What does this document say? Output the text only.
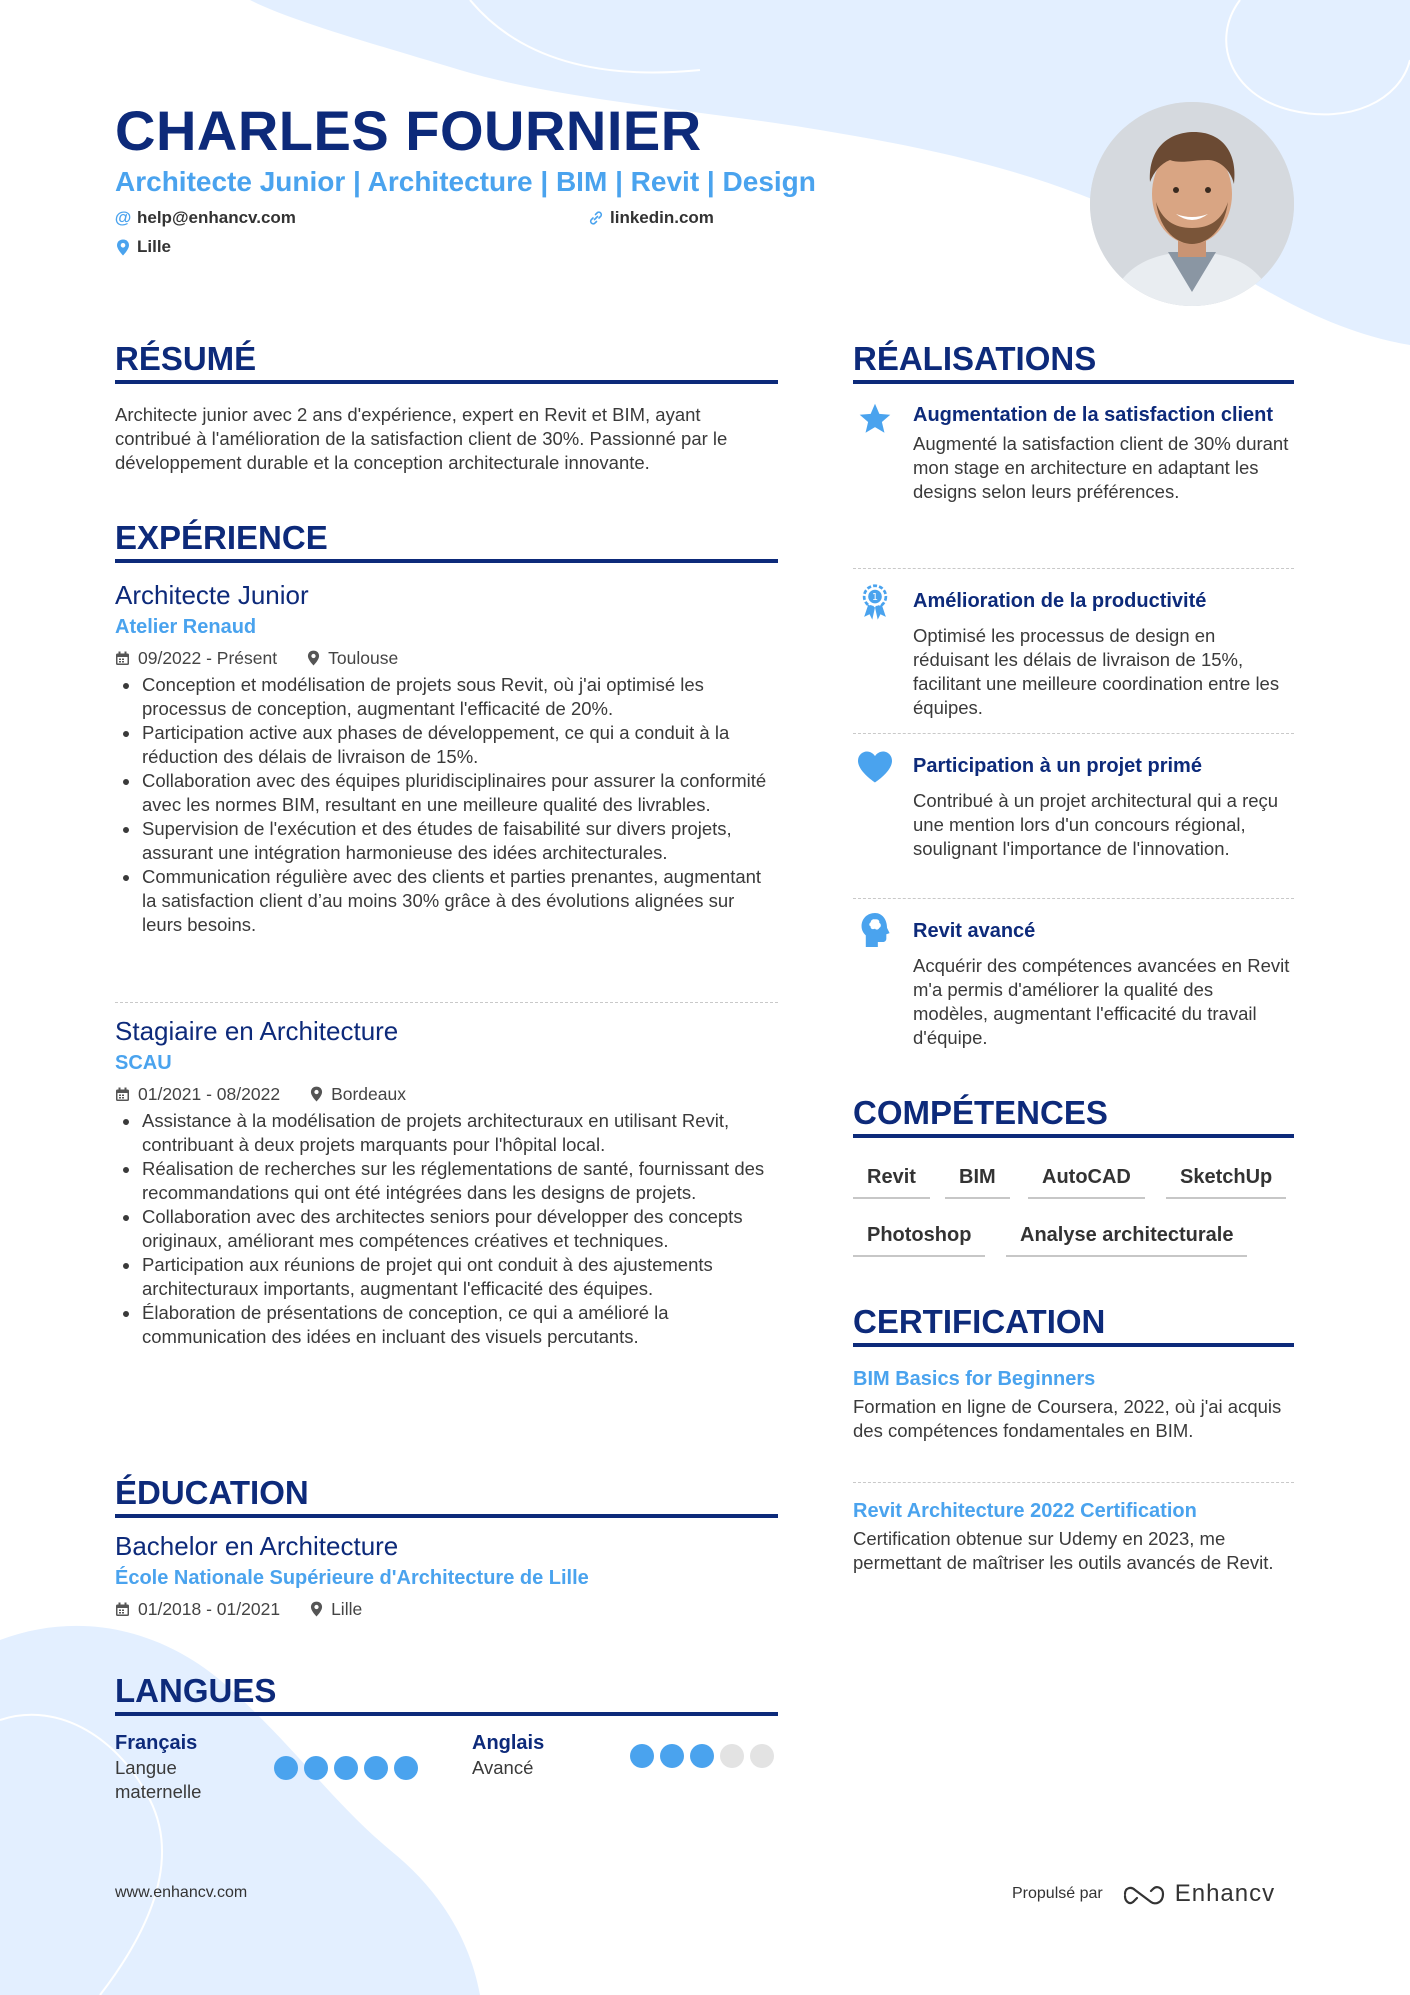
CHARLES FOURNIER
Architecte Junior | Architecture | BIM | Revit | Design
@ help@enhancv.com	linkedin.com
Lille
RÉSUMÉ
Architecte junior avec 2 ans d'expérience, expert en Revit et BIM, ayant contribué à l'amélioration de la satisfaction client de 30%. Passionné par le développement durable et la conception architecturale innovante.
EXPÉRIENCE
Architecte Junior
Atelier Renaud
09/2022 - Présent	Toulouse
Conception et modélisation de projets sous Revit, où j'ai optimisé les processus de conception, augmentant l'efficacité de 20%.
Participation active aux phases de développement, ce qui a conduit à la réduction des délais de livraison de 15%.
Collaboration avec des équipes pluridisciplinaires pour assurer la conformité avec les normes BIM, resultant en une meilleure qualité des livrables.
Supervision de l'exécution et des études de faisabilité sur divers projets, assurant une intégration harmonieuse des idées architecturales.
Communication régulière avec des clients et parties prenantes, augmentant la satisfaction client d’au moins 30% grâce à des évolutions alignées sur leurs besoins.
Stagiaire en Architecture
SCAU
01/2021 - 08/2022	Bordeaux
Assistance à la modélisation de projets architecturaux en utilisant Revit, contribuant à deux projets marquants pour l'hôpital local.
Réalisation de recherches sur les réglementations de santé, fournissant des recommandations qui ont été intégrées dans les designs de projets.
Collaboration avec des architectes seniors pour développer des concepts originaux, améliorant mes compétences créatives et techniques.
Participation aux réunions de projet qui ont conduit à des ajustements architecturaux importants, augmentant l'efficacité des équipes.
Élaboration de présentations de conception, ce qui a amélioré la communication des idées en incluant des visuels percutants.
ÉDUCATION
Bachelor en Architecture
École Nationale Supérieure d'Architecture de Lille
01/2018 - 01/2021	Lille
LANGUES
Français
Langue maternelle
Anglais
Avancé
RÉALISATIONS
Augmentation de la satisfaction client
Augmenté la satisfaction client de 30% durant mon stage en architecture en adaptant les designs selon leurs préférences.
1 Amélioration de la productivité
Optimisé les processus de design en réduisant les délais de livraison de 15%, facilitant une meilleure coordination entre les équipes.
Participation à un projet primé
Contribué à un projet architectural qui a reçu une mention lors d'un concours régional, soulignant l'importance de l'innovation.
Revit avancé
Acquérir des compétences avancées en Revit m'a permis d'améliorer la qualité des modèles, augmentant l'efficacité du travail d'équipe.
COMPÉTENCES
Revit	BIM	AutoCAD	SketchUp
Photoshop	Analyse architecturale
CERTIFICATION
BIM Basics for Beginners
Formation en ligne de Coursera, 2022, où j'ai acquis des compétences fondamentales en BIM.
Revit Architecture 2022 Certification
Certification obtenue sur Udemy en 2023, me permettant de maîtriser les outils avancés de Revit.
www.enhancv.com	Propulsé par	Enhancv
